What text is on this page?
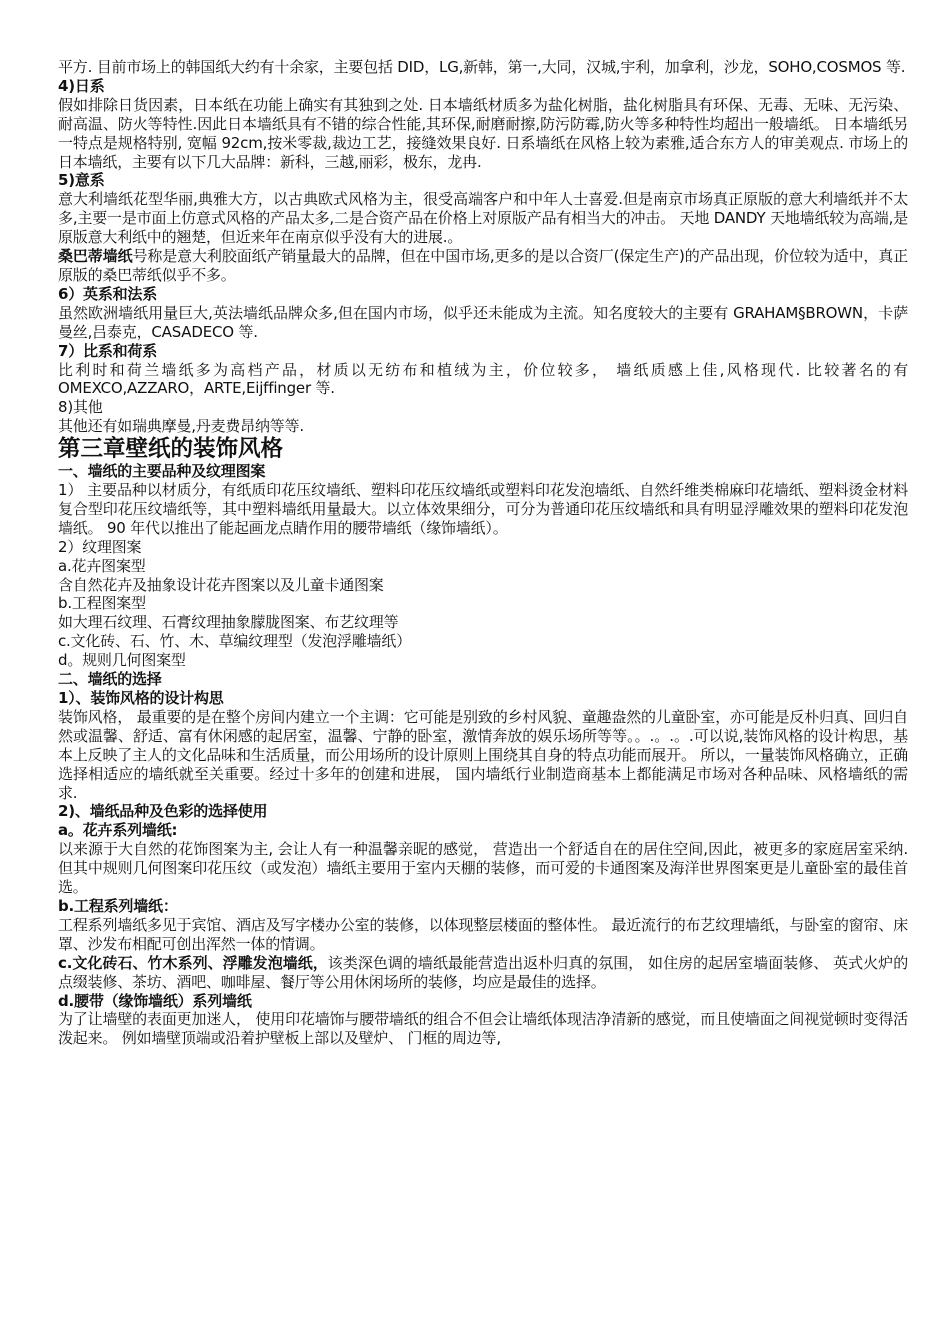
平方. 目前市场上的韩国纸大约有十余家，主要包括 DID，LG,新韩，第一,大同，汉城,宇利，加拿利，沙龙，SOHO,COSMOS 等.

4)日系

假如排除日货因素，日本纸在功能上确实有其独到之处. 日本墙纸材质多为盐化树脂，盐化树脂具有环保、无毒、无味、无污染、耐高温、防火等特性.因此日本墙纸具有不错的综合性能,其环保,耐磨耐擦,防污防霉,防火等多种特性均超出一般墙纸。 日本墙纸另一特点是规格特别, 宽幅 92cm,按米零裁,裁边工艺，接缝效果良好. 日系墙纸在风格上较为素雅,适合东方人的审美观点. 市场上的日本墙纸，主要有以下几大品牌：新科，三越,丽彩，极东，龙冉.

5)意系

意大利墙纸花型华丽,典雅大方，以古典欧式风格为主，很受高端客户和中年人士喜爱.但是南京市场真正原版的意大利墙纸并不太多,主要一是市面上仿意式风格的产品太多,二是合资产品在价格上对原版产品有相当大的冲击。 天地 DANDY 天地墙纸较为高端,是原版意大利纸中的翘楚，但近来年在南京似乎没有大的进展.。

桑巴蒂墙纸号称是意大利胶面纸产销量最大的品牌，但在中国市场,更多的是以合资厂(保定生产)的产品出现，价位较为适中，真正原版的桑巴蒂纸似乎不多。

6）英系和法系

虽然欧洲墙纸用量巨大,英法墙纸品牌众多,但在国内市场，似乎还未能成为主流。知名度较大的主要有 GRAHAM§BROWN，卡萨曼丝,吕泰克，CASADECO 等.

7）比系和荷系

比利时和荷兰墙纸多为高档产品，材质以无纺布和植绒为主，价位较多， 墙纸质感上佳,风格现代. 比较著名的有 OMEXCO,AZZARO，ARTE,Eijffinger 等.

8)其他

其他还有如瑞典摩曼,丹麦费昂纳等等.

第三章壁纸的装饰风格

一、墙纸的主要品种及纹理图案

1） 主要品种以材质分，有纸质印花压纹墙纸、塑料印花压纹墙纸或塑料印花发泡墙纸、自然纤维类棉麻印花墙纸、塑料烫金材料复合型印花压纹墙纸等，其中塑料墙纸用量最大。以立体效果细分，可分为普通印花压纹墙纸和具有明显浮雕效果的塑料印花发泡墙纸。 90 年代以推出了能起画龙点睛作用的腰带墙纸（缘饰墙纸）。

2）纹理图案

a.花卉图案型

含自然花卉及抽象设计花卉图案以及儿童卡通图案

b.工程图案型

如大理石纹理、石膏纹理抽象朦胧图案、布艺纹理等

c.文化砖、石、竹、木、草编纹理型（发泡浮雕墙纸）

d。规则几何图案型

二、墙纸的选择

1）、装饰风格的设计构思

装饰风格， 最重要的是在整个房间内建立一个主调：它可能是别致的乡村风貌、童趣盎然的儿童卧室，亦可能是反朴归真、回归自然或温馨、舒适、富有休闲感的起居室，温馨、宁静的卧室，激情奔放的娱乐场所等等。。.。.。.可以说,装饰风格的设计构思，基本上反映了主人的文化品味和生活质量，而公用场所的设计原则上围绕其自身的特点功能而展开。 所以，一量装饰风格确立，正确选择相适应的墙纸就至关重要。经过十多年的创建和进展， 国内墙纸行业制造商基本上都能满足市场对各种品味、风格墙纸的需求.

2)、墙纸品种及色彩的选择使用

a。花卉系列墙纸:

以来源于大自然的花饰图案为主, 会让人有一种温馨亲昵的感觉， 营造出一个舒适自在的居住空间,因此，被更多的家庭居室采纳.但其中规则几何图案印花压纹（或发泡）墙纸主要用于室内天棚的装修，而可爱的卡通图案及海洋世界图案更是儿童卧室的最佳首选。

b.工程系列墙纸：

工程系列墙纸多见于宾馆、酒店及写字楼办公室的装修，以体现整层楼面的整体性。 最近流行的布艺纹理墙纸，与卧室的窗帘、床罩、沙发布相配可创出浑然一体的情调。

c.文化砖石、竹木系列、浮雕发泡墙纸，该类深色调的墙纸最能营造出返朴归真的氛围， 如住房的起居室墙面装修、 英式火炉的点缀装修、茶坊、酒吧、咖啡屋、餐厅等公用休闲场所的装修，均应是最佳的选择。

d.腰带（缘饰墙纸）系列墙纸

为了让墙壁的表面更加迷人， 使用印花墙饰与腰带墙纸的组合不但会让墙纸体现洁净清新的感觉，而且使墙面之间视觉顿时变得活泼起来。 例如墙壁顶端或沿着护壁板上部以及壁炉、 门框的周边等,
